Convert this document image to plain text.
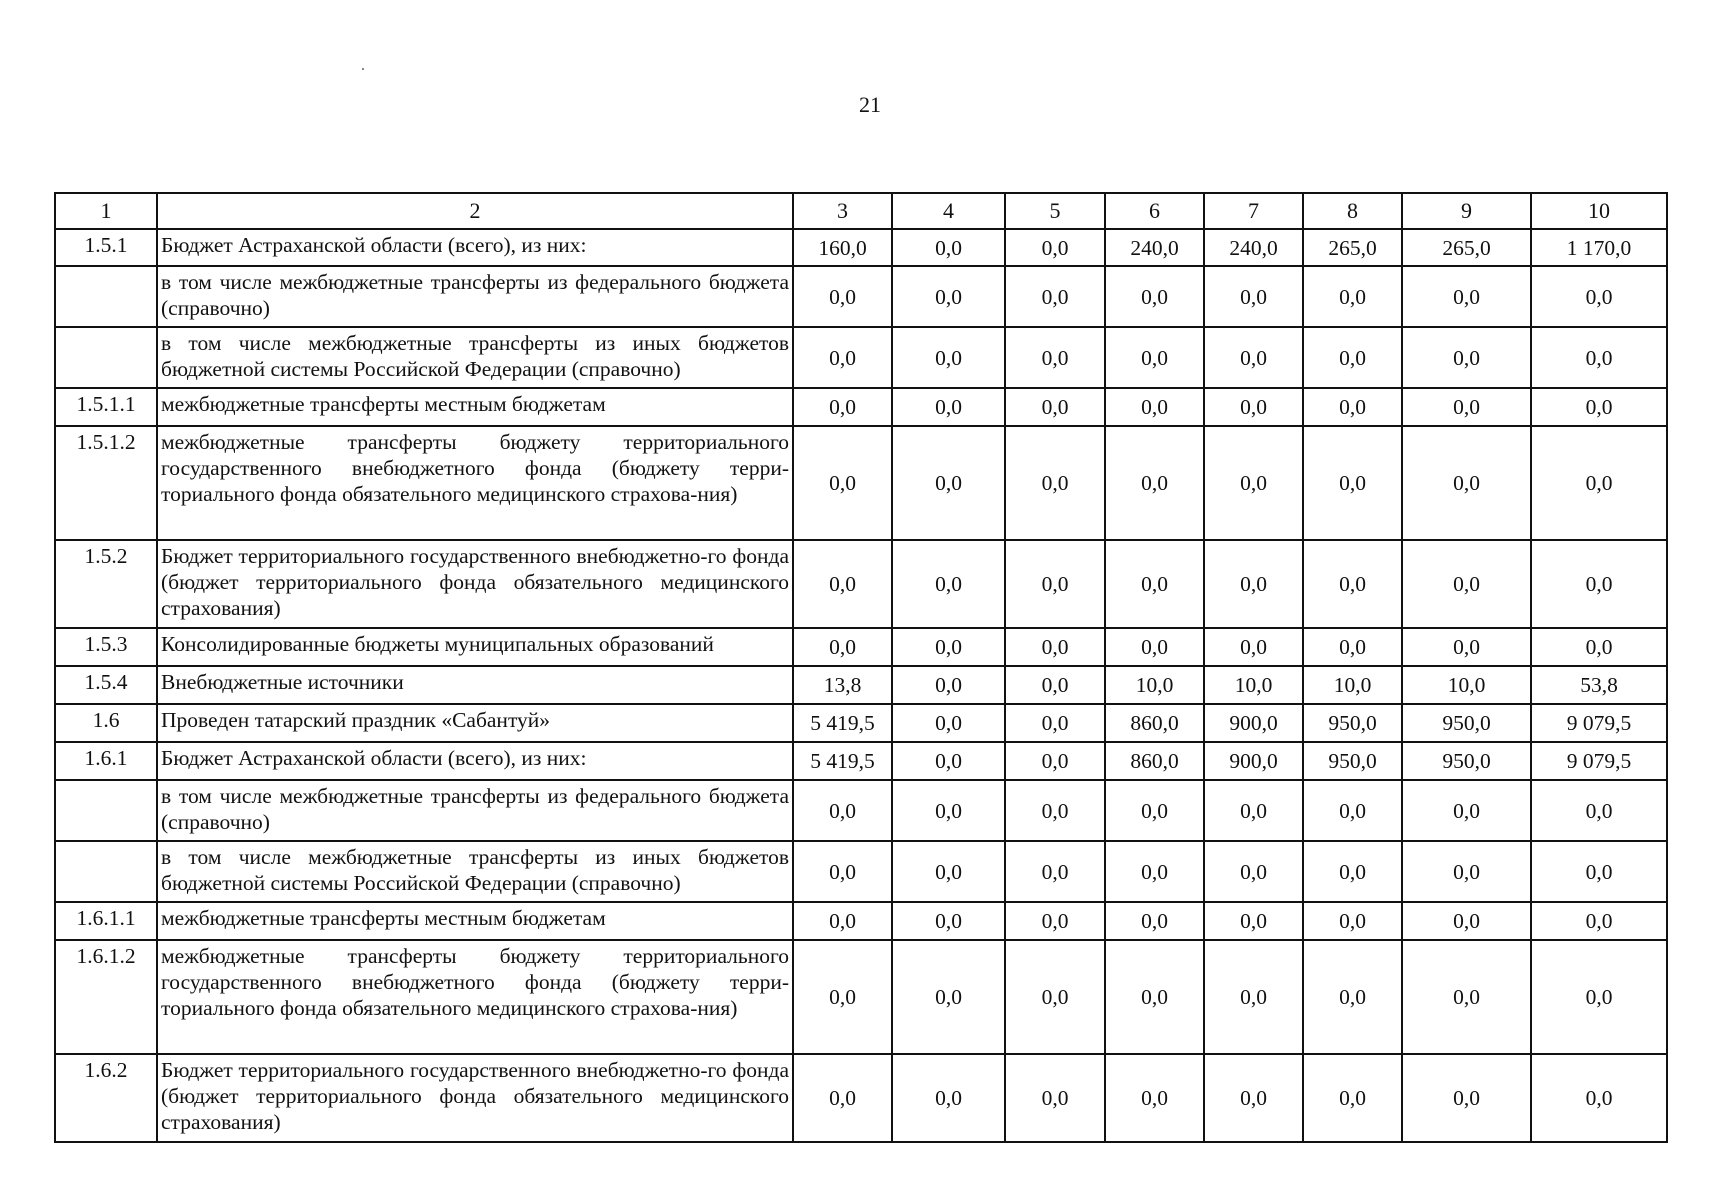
21
1	2	3	4	5	6	7	8	9	10
1.5.1	Бюджет Астраханской области (всего), из них:	160,0	0,0	0,0	240,0	240,0	265,0	265,0	1 170,0
	в том числе межбюджетные трансферты из федерального бюджета (справочно)	0,0	0,0	0,0	0,0	0,0	0,0	0,0	0,0
	в том числе межбюджетные трансферты из иных бюджетов бюджетной системы Российской Федерации (справочно)	0,0	0,0	0,0	0,0	0,0	0,0	0,0	0,0
1.5.1.1	межбюджетные трансферты местным бюджетам	0,0	0,0	0,0	0,0	0,0	0,0	0,0	0,0
1.5.1.2	межбюджетные трансферты бюджету территориального государственного внебюджетного фонда (бюджету терри-ториального фонда обязательного медицинского страхова-ния)	0,0	0,0	0,0	0,0	0,0	0,0	0,0	0,0
1.5.2	Бюджет территориального государственного внебюджетно-го фонда (бюджет территориального фонда обязательного медицинского страхования)	0,0	0,0	0,0	0,0	0,0	0,0	0,0	0,0
1.5.3	Консолидированные бюджеты муниципальных образований	0,0	0,0	0,0	0,0	0,0	0,0	0,0	0,0
1.5.4	Внебюджетные источники	13,8	0,0	0,0	10,0	10,0	10,0	10,0	53,8
1.6	Проведен татарский праздник «Сабантуй»	5 419,5	0,0	0,0	860,0	900,0	950,0	950,0	9 079,5
1.6.1	Бюджет Астраханской области (всего), из них:	5 419,5	0,0	0,0	860,0	900,0	950,0	950,0	9 079,5
	в том числе межбюджетные трансферты из федерального бюджета (справочно)	0,0	0,0	0,0	0,0	0,0	0,0	0,0	0,0
	в том числе межбюджетные трансферты из иных бюджетов бюджетной системы Российской Федерации (справочно)	0,0	0,0	0,0	0,0	0,0	0,0	0,0	0,0
1.6.1.1	межбюджетные трансферты местным бюджетам	0,0	0,0	0,0	0,0	0,0	0,0	0,0	0,0
1.6.1.2	межбюджетные трансферты бюджету территориального государственного внебюджетного фонда (бюджету терри-ториального фонда обязательного медицинского страхова-ния)	0,0	0,0	0,0	0,0	0,0	0,0	0,0	0,0
1.6.2	Бюджет территориального государственного внебюджетно-го фонда (бюджет территориального фонда обязательного медицинского страхования)	0,0	0,0	0,0	0,0	0,0	0,0	0,0	0,0
